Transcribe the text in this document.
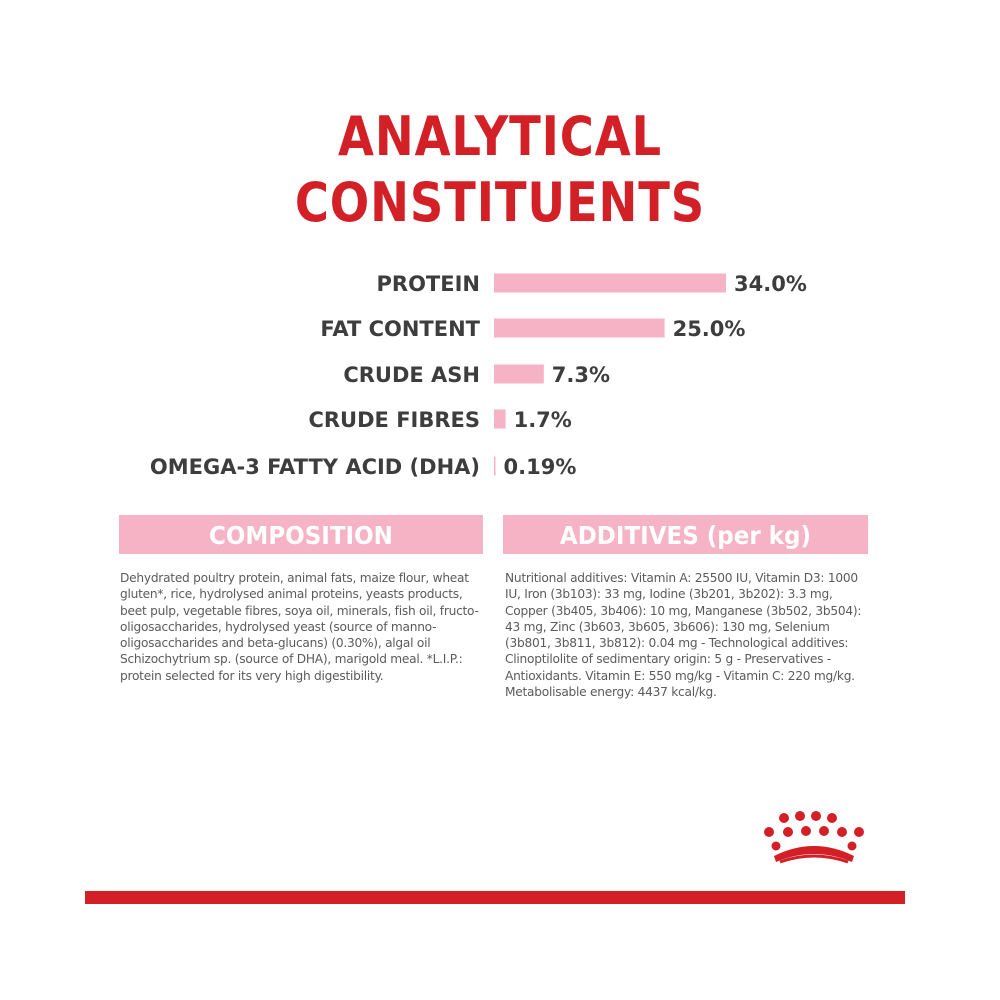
ANALYTICAL
CONSTITUENTS
PROTEIN	34.0%
FAT CONTENT	25.0%
CRUDE ASH	7.3%
CRUDE FIBRES 1.7%
OMEGA-3 FATTY ACID (DHA) 0.19%
COMPOSITION	ADDITIVES (per kg)
Dehydrated poultry protein, animal fats, maize flour, wheat gluten*, rice, hydrolysed animal proteins, yeasts products, beet pulp, vegetable fibres, soya oil, minerals, fish oil, fructo-oligosaccharides, hydrolysed yeast (source of manno-oligosaccharides and beta-glucans) (0.30%), algal oil Schizochytrium sp. (source of DHA), marigold meal. *L.I.P.: protein selected for its very high digestibility.
Nutritional additives: Vitamin A: 25500 IU, Vitamin D3: 1000 IU, Iron (3b103): 33 mg, Iodine (3b201, 3b202): 3.3 mg, Copper (3b405, 3b406): 10 mg, Manganese (3b502, 3b504): 43 mg, Zinc (3b603, 3b605, 3b606): 130 mg, Selenium (3b801, 3b811, 3b812): 0.04 mg - Technological additives: Clinoptilolite of sedimentary origin: 5 g - Preservatives - Antioxidants. Vitamin E: 550 mg/kg - Vitamin C: 220 mg/kg. Metabolisable energy: 4437 kcal/kg.
